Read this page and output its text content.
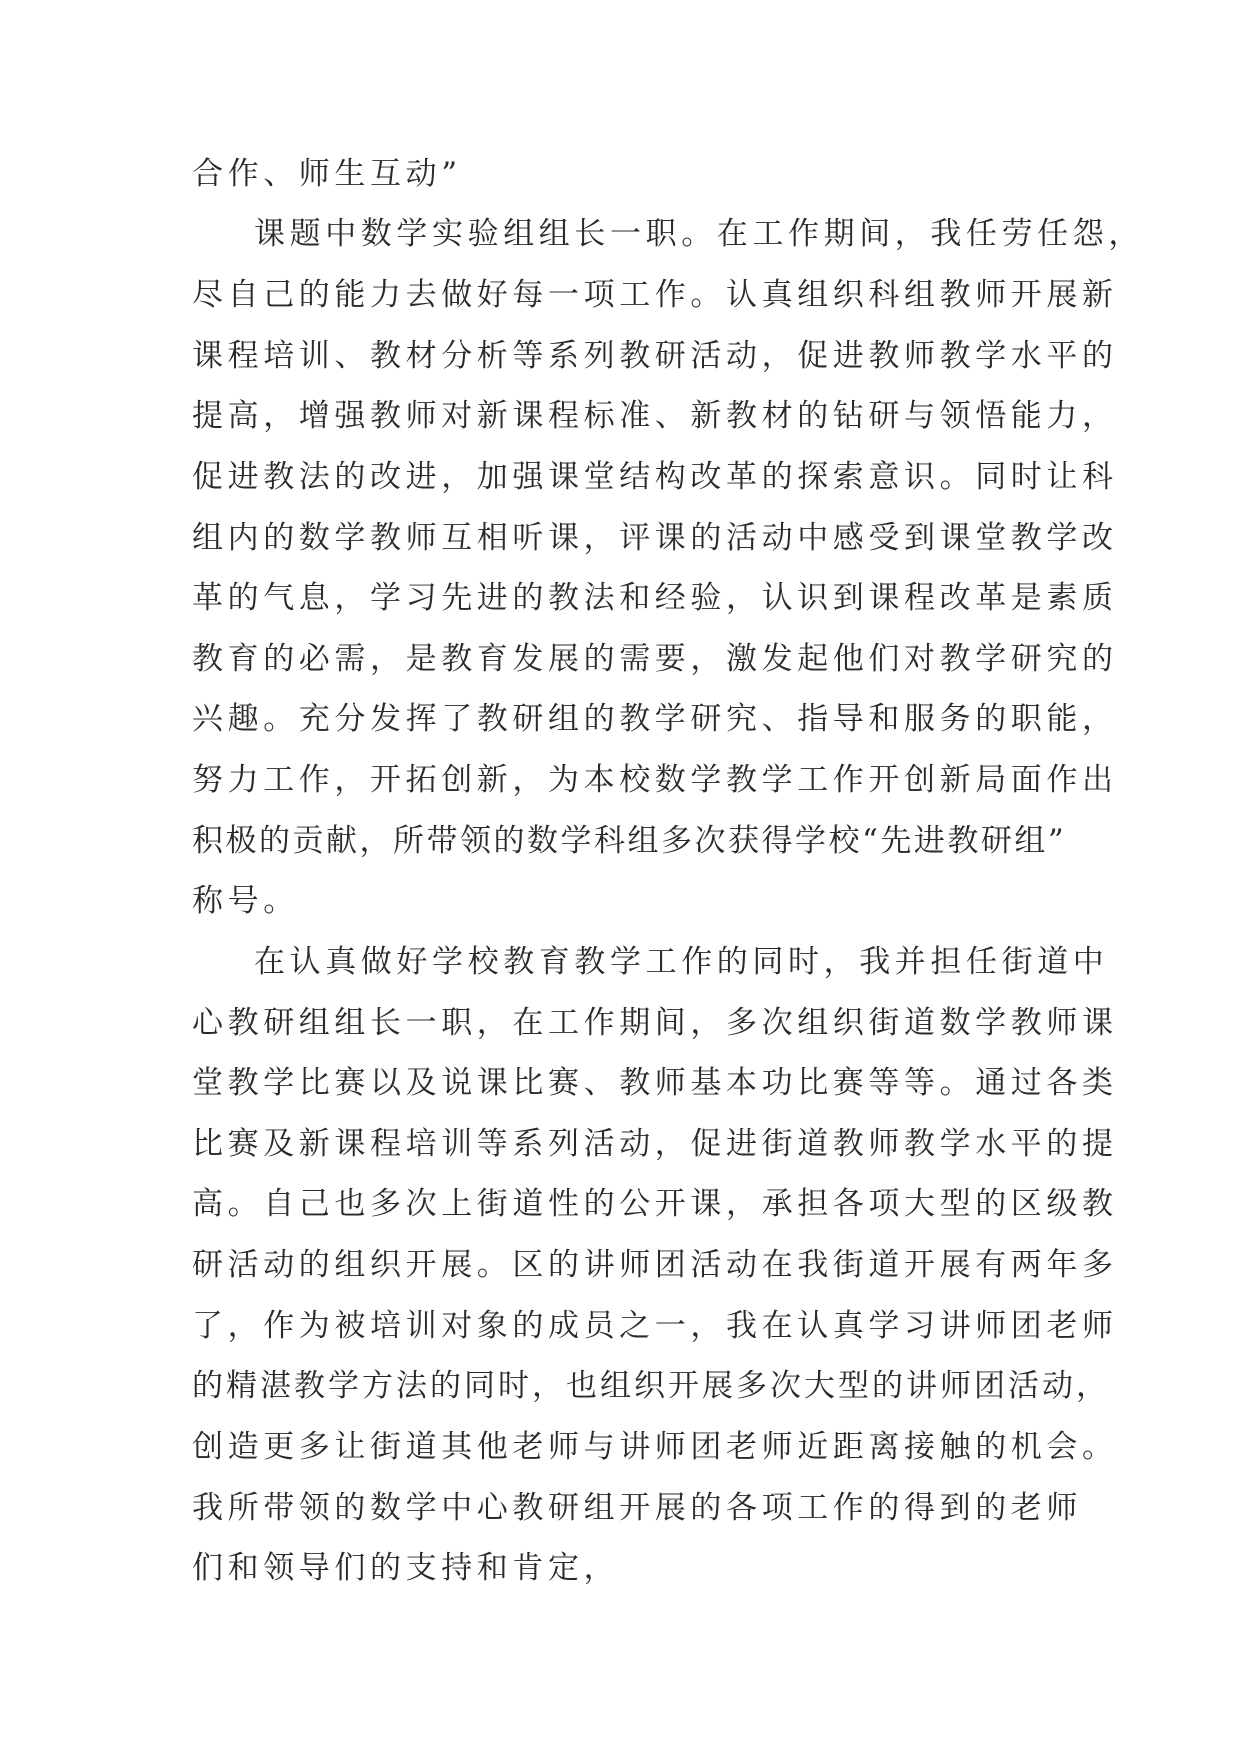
合作、师生互动”
课题中数学实验组组长一职。在工作期间，我任劳任怨，
尽自己的能力去做好每一项工作。认真组织科组教师开展新
课程培训、教材分析等系列教研活动，促进教师教学水平的
提高，增强教师对新课程标准、新教材的钻研与领悟能力，
促进教法的改进，加强课堂结构改革的探索意识。同时让科
组内的数学教师互相听课，评课的活动中感受到课堂教学改
革的气息，学习先进的教法和经验，认识到课程改革是素质
教育的必需，是教育发展的需要，激发起他们对教学研究的
兴趣。充分发挥了教研组的教学研究、指导和服务的职能，
努力工作，开拓创新，为本校数学教学工作开创新局面作出
积极的贡献，所带领的数学科组多次获得学校“先进教研组”
称号。
在认真做好学校教育教学工作的同时，我并担任街道中
心教研组组长一职，在工作期间，多次组织街道数学教师课
堂教学比赛以及说课比赛、教师基本功比赛等等。通过各类
比赛及新课程培训等系列活动，促进街道教师教学水平的提
高。自己也多次上街道性的公开课，承担各项大型的区级教
研活动的组织开展。区的讲师团活动在我街道开展有两年多
了，作为被培训对象的成员之一，我在认真学习讲师团老师
的精湛教学方法的同时，也组织开展多次大型的讲师团活动，
创造更多让街道其他老师与讲师团老师近距离接触的机会。
我所带领的数学中心教研组开展的各项工作的得到的老师
们和领导们的支持和肯定，
